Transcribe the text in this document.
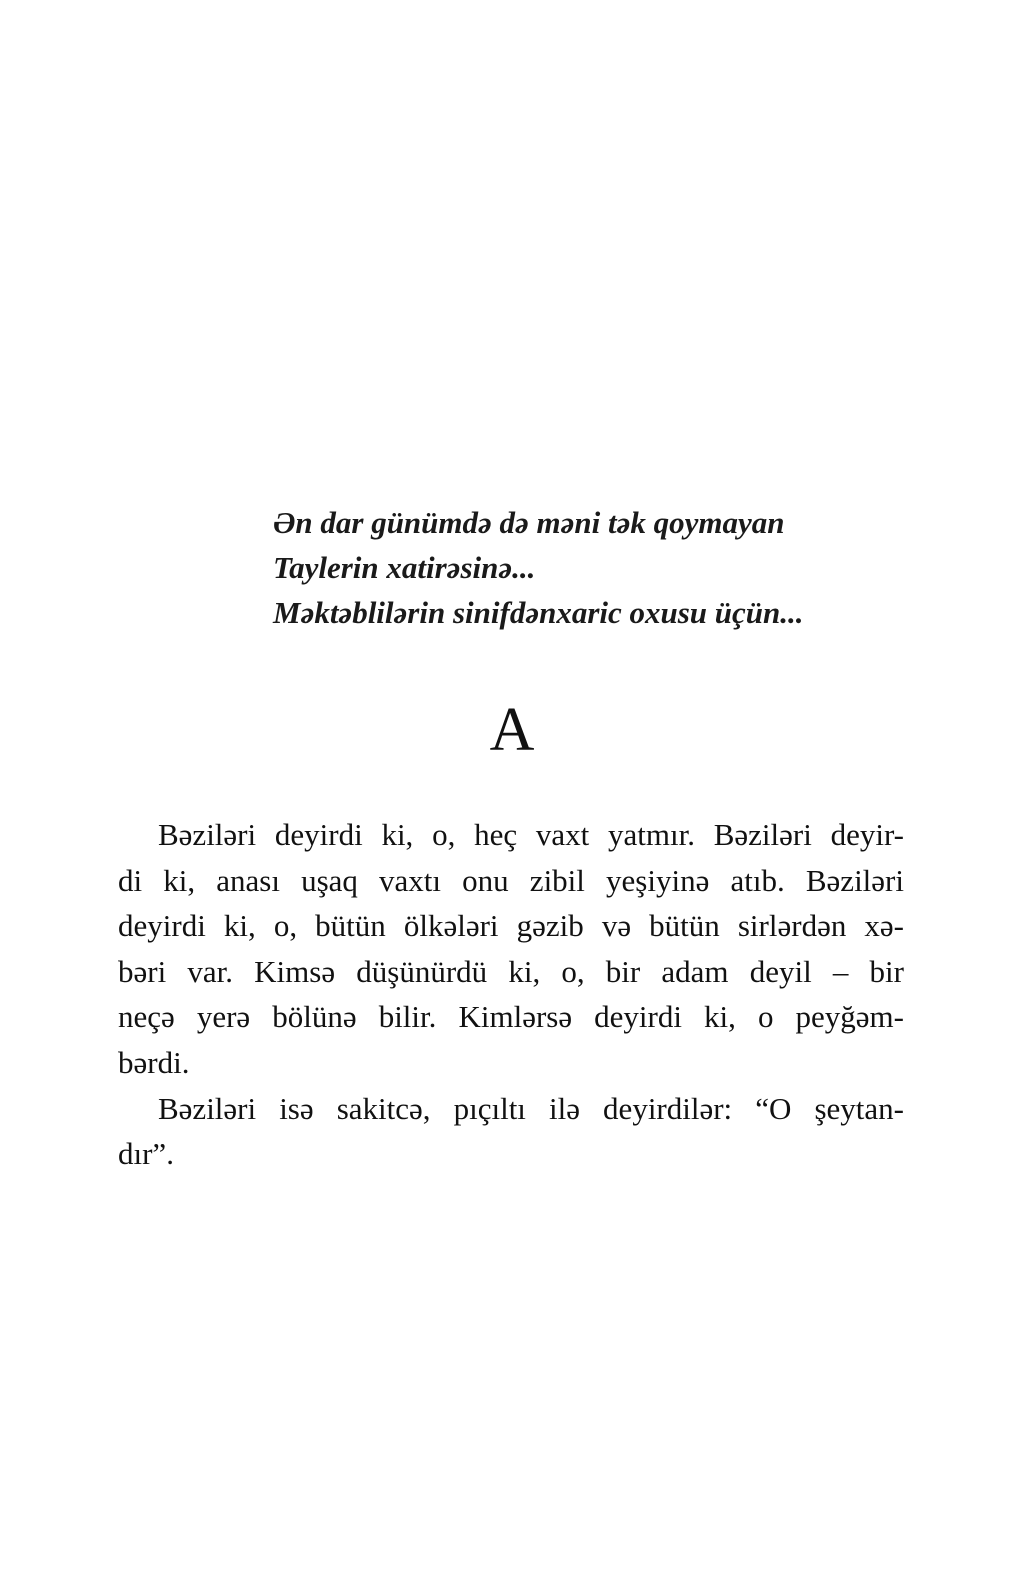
Ən dar günümdə də məni tək qoymayan
Taylerin xatirəsinə...
Məktəblilərin sinifdənxaric oxusu üçün...
A
Bəziləri deyirdi ki, o, heç vaxt yatmır. Bəziləri deyir-
di ki, anası uşaq vaxtı onu zibil yeşiyinə atıb. Bəziləri
deyirdi ki, o, bütün ölkələri gəzib və bütün sirlərdən xə-
bəri var. Kimsə düşünürdü ki, o, bir adam deyil – bir
neçə yerə bölünə bilir. Kimlərsə deyirdi ki, o peyğəm-
bərdi.
Bəziləri isə sakitcə, pıçıltı ilə deyirdilər: “O şeytan-
dır”.
